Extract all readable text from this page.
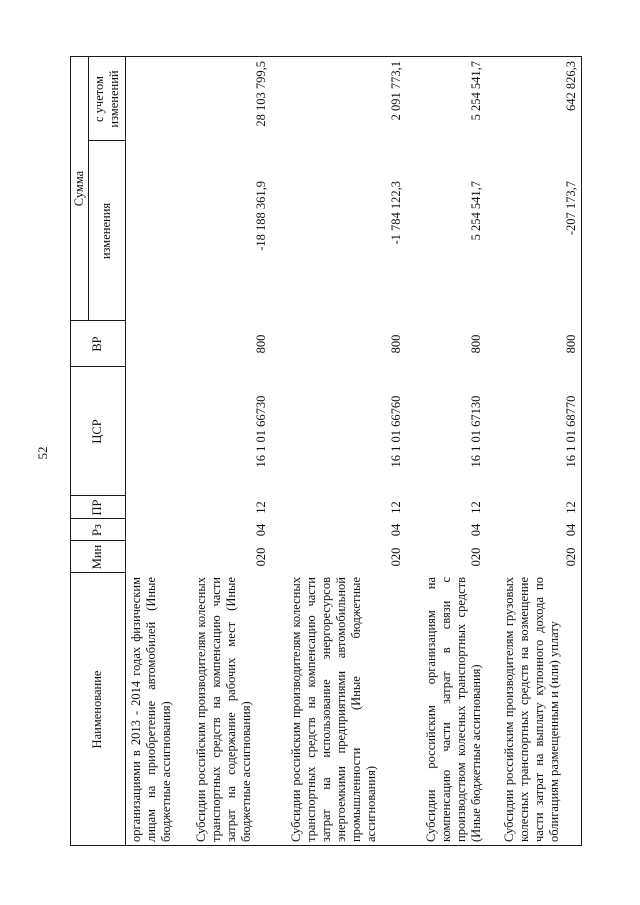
52
Наименование
Мин
Рз
ПР
ЦСР
ВР
Сумма
изменения
с учетом изменений
организациями в 2013 - 2014 годах физическим лицам на приобретение автомобилей (Иные бюджетные ассигнования) Субсидии российским производителям колесных транспортных средств на компенсацию части затрат на содержание рабочих мест (Иные бюджетные ассигнования)
020
04
12
16 1 01 66730
800
-18 188 361,9
28 103 799,5
Субсидии российским производителям колесных транспортных средств на компенсацию части затрат на использование энергоресурсов энергоемкими предприятиями автомобильной промышленности (Иные бюджетные ассигнования)
020
04
12
16 1 01 66760
800
-1 784 122,3
2 091 773,1
Субсидии российским организациям на компенсацию части затрат в связи с производством колесных транспортных средств (Иные бюджетные ассигнования)
020
04
12
16 1 01 67130
800
5 254 541,7
5 254 541,7
Субсидии российским производителям грузовых колесных транспортных средств на возмещение части затрат на выплату купонного дохода по облигациям размещенным и (или) уплату
020
04
12
16 1 01 68770
800
-207 173,7
642 826,3
